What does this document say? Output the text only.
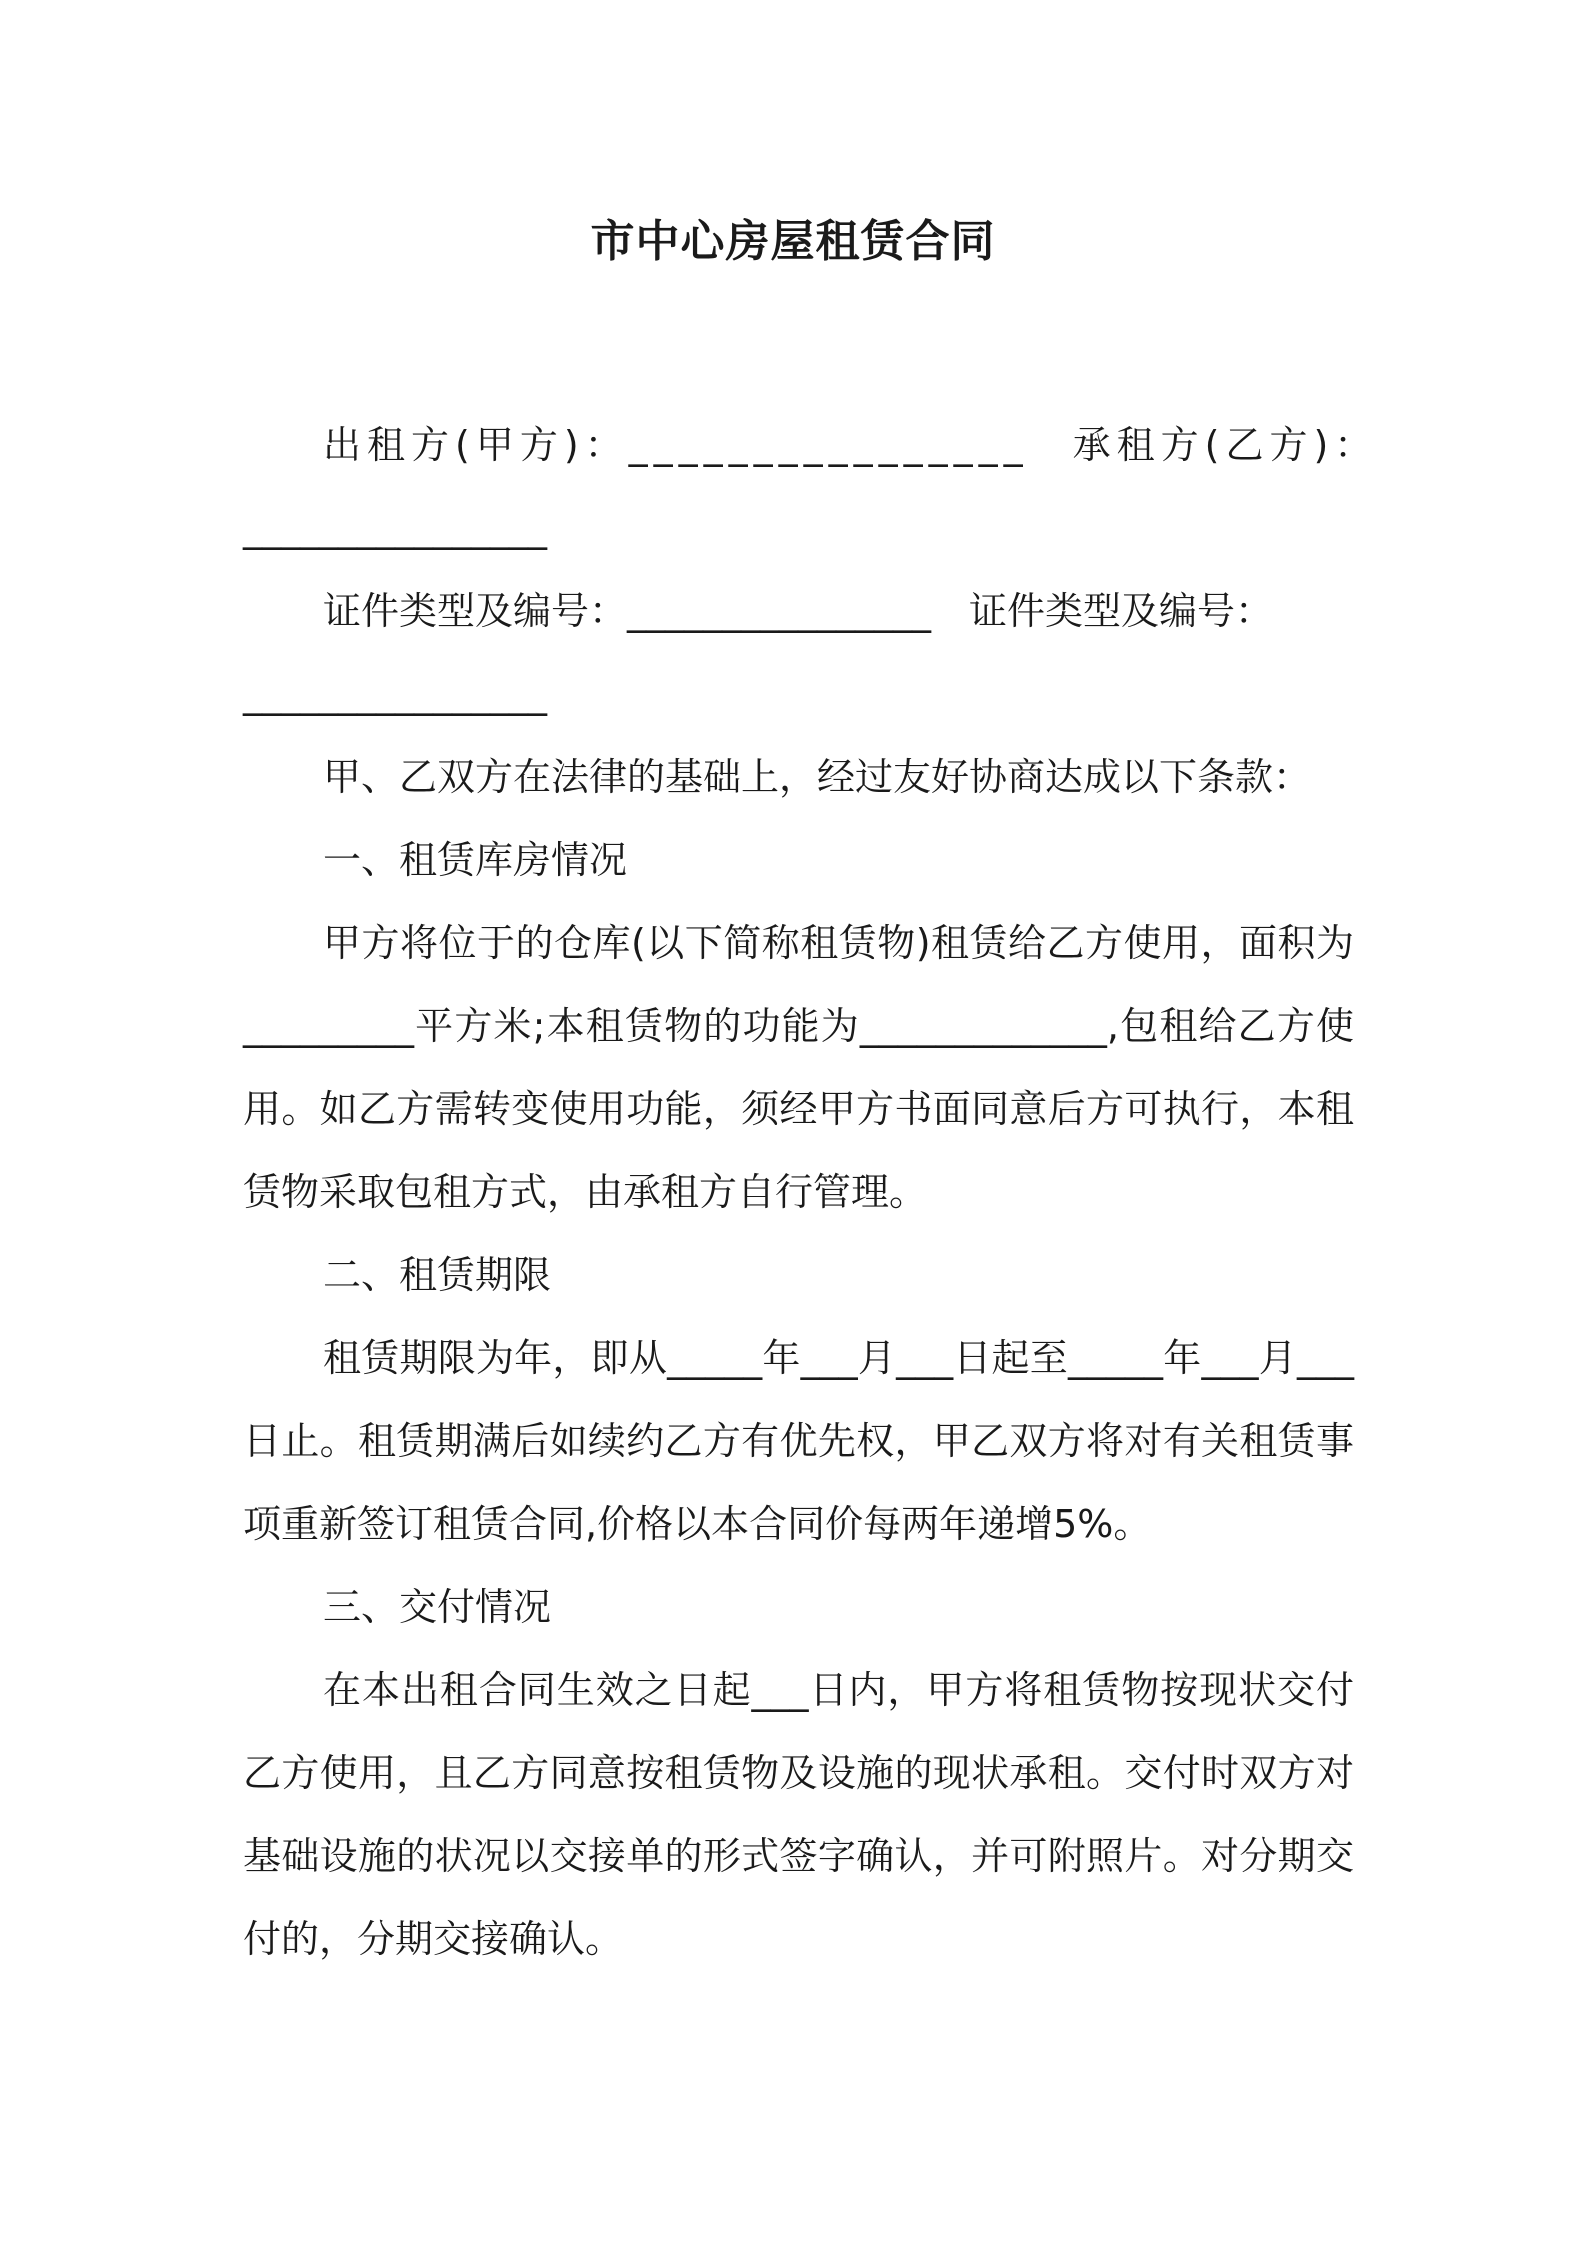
市中心房屋租赁合同
出租方(甲方)：________________　承租方(乙方)：
________________
证件类型及编号：________________　证件类型及编号：
________________
甲、乙双方在法律的基础上，经过友好协商达成以下条款：
一、租赁库房情况
甲方将位于的仓库(以下简称租赁物)租赁给乙方使用，面积为_________平方米;本租赁物的功能为_____________,包租给乙方使用。如乙方需转变使用功能，须经甲方书面同意后方可执行，本租赁物采取包租方式，由承租方自行管理。
二、租赁期限
租赁期限为年，即从_____年___月___日起至_____年___月___日止。租赁期满后如续约乙方有优先权，甲乙双方将对有关租赁事项重新签订租赁合同,价格以本合同价每两年递增5%。
三、交付情况
在本出租合同生效之日起___日内，甲方将租赁物按现状交付乙方使用，且乙方同意按租赁物及设施的现状承租。交付时双方对基础设施的状况以交接单的形式签字确认，并可附照片。对分期交付的，分期交接确认。
